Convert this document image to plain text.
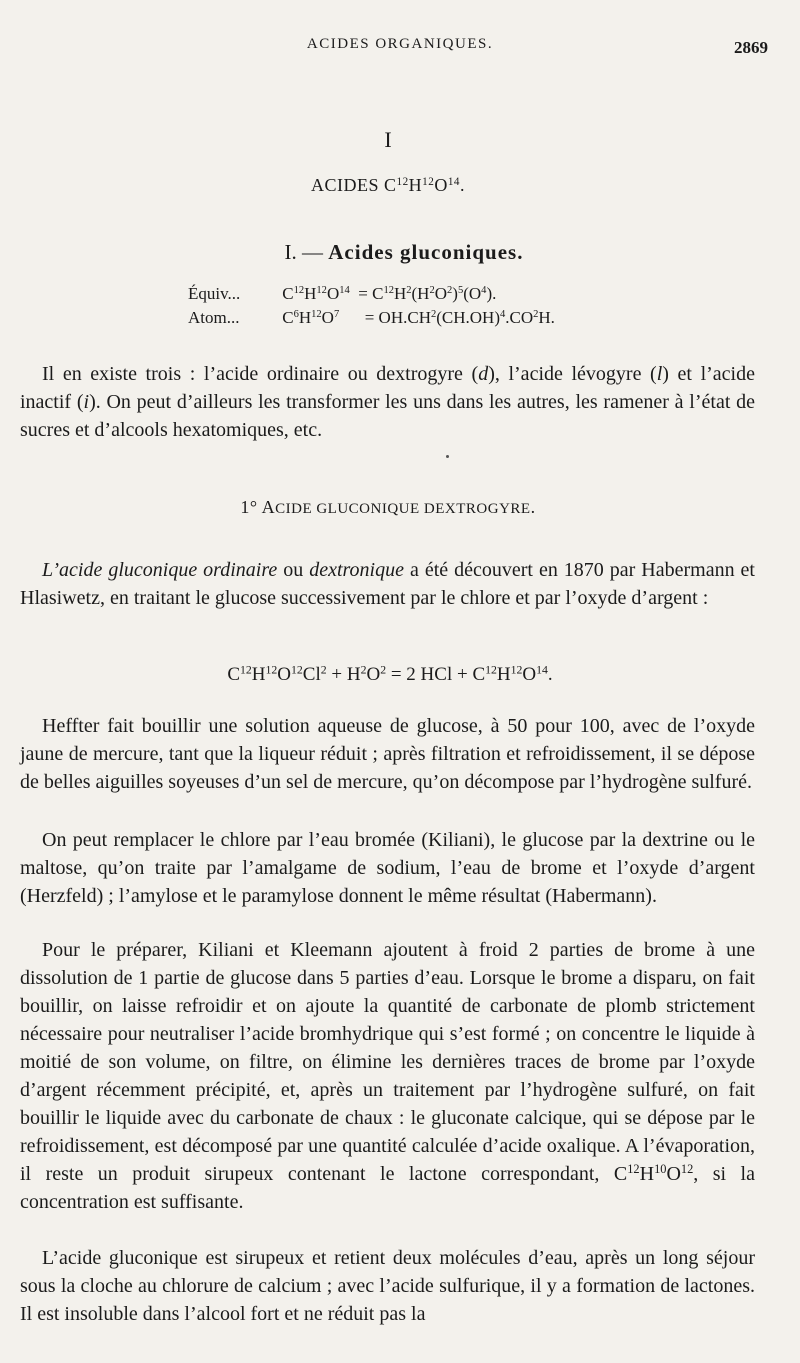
ACIDES ORGANIQUES.	2869
I
ACIDES $C^{12}H^{12}O^{14}$.
I. — Acides gluconiques.
Équiv... $C^{12}H^{12}O^{14} = C^{12}H^2(H^2O^2)^5(O^4)$.
Atom...	$C^6H^{12}O^7$      = $OH.CH^2(CH.OH)^4.CO^2H$.

Il en existe trois : l’acide ordinaire ou dextrogyre (d), l’acide lévogyre (l) et l’acide inactif (i). On peut d’ailleurs les transformer les uns dans les autres, les ramener à l’état de sucres et d’alcools hexatomiques, etc.

1° ACIDE GLUCONIQUE DEXTROGYRE.

L’acide gluconique ordinaire ou dextronique a été découvert en 1870 par Habermann et Hlasiwetz, en traitant le glucose successivement par le chlore et par l’oxyde d’argent :

$C^{12}H^{12}O^{12}Cl^2 + H^2O^2 = 2$ HCl + $C^{12}H^{12}O^{14}$.

Heffter fait bouillir une solution aqueuse de glucose, à 50 pour 100, avec de l’oxyde jaune de mercure, tant que la liqueur réduit ; après filtration et refroidissement, il se dépose de belles aiguilles soyeuses d’un sel de mercure, qu’on décompose par l’hydrogène sulfuré.

On peut remplacer le chlore par l’eau bromée (Kiliani), le glucose par la dextrine ou le maltose, qu’on traite par l’amalgame de sodium, l’eau de brome et l’oxyde d’argent (Herzfeld) ; l’amylose et le paramylose donnent le même résultat (Habermann).

Pour le préparer, Kiliani et Kleemann ajoutent à froid 2 parties de brome à une dissolution de 1 partie de glucose dans 5 parties d’eau. Lorsque le brome a disparu, on fait bouillir, on laisse refroidir et on ajoute la quantité de carbonate de plomb strictement nécessaire pour neutraliser l’acide bromhydrique qui s’est formé ; on concentre le liquide à moitié de son volume, on filtre, on élimine les dernières traces de brome par l’oxyde d’argent récemment précipité, et, après un traitement par l’hydrogène sulfuré, on fait bouillir le liquide avec du carbonate de chaux : le gluconate calcique, qui se dépose par le refroidissement, est décomposé par une quantité calculée d’acide oxalique. A l’évaporation, il reste un produit sirupeux contenant le lactone correspondant, $C^{12}H^{10}O^{12}$, si la concentration est suffisante.

L’acide gluconique est sirupeux et retient deux molécules d’eau, après un long séjour sous la cloche au chlorure de calcium ; avec l’acide sulfurique, il y a formation de lactones. Il est insoluble dans l’alcool fort et ne réduit pas la
